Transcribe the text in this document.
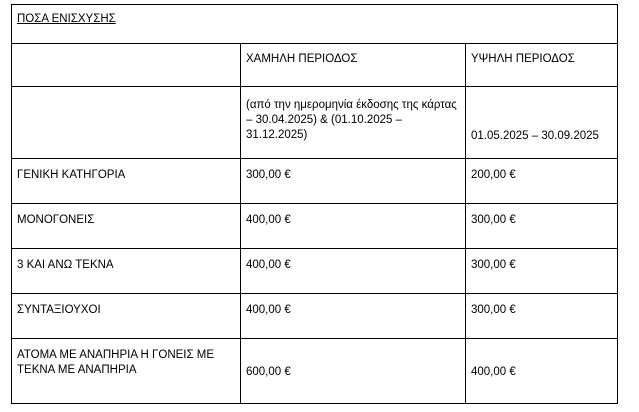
ΠΟΣΑ ΕΝΙΣΧΥΣΗΣ		
	ΧΑΜΗΛΗ ΠΕΡΙΟΔΟΣ	ΥΨΗΛΗ ΠΕΡΙΟΔΟΣ

	(από την ημερομηνία έκδοσης της κάρτας – 30.04.2025) & (01.10.2025 – 31.12.2025)	01.05.2025 – 30.09.2025

ΓΕΝΙΚΗ ΚΑΤΗΓΟΡΙΑ	300,00 €	200,00 €
ΜΟΝΟΓΟΝΕΙΣ	400,00 €	300,00 €
3 ΚΑΙ ΑΝΩ ΤΕΚΝΑ	400,00 €	300,00 €
ΣΥΝΤΑΞΙΟΥΧΟΙ	400,00 €	300,00 €

ΑΤΟΜΑ ΜΕ ΑΝΑΠΗΡΙΑ Η ΓΟΝΕΙΣ ΜΕ ΤΕΚΝΑ ΜΕ ΑΝΑΠΗΡΙΑ	600,00 €	400,00 €
